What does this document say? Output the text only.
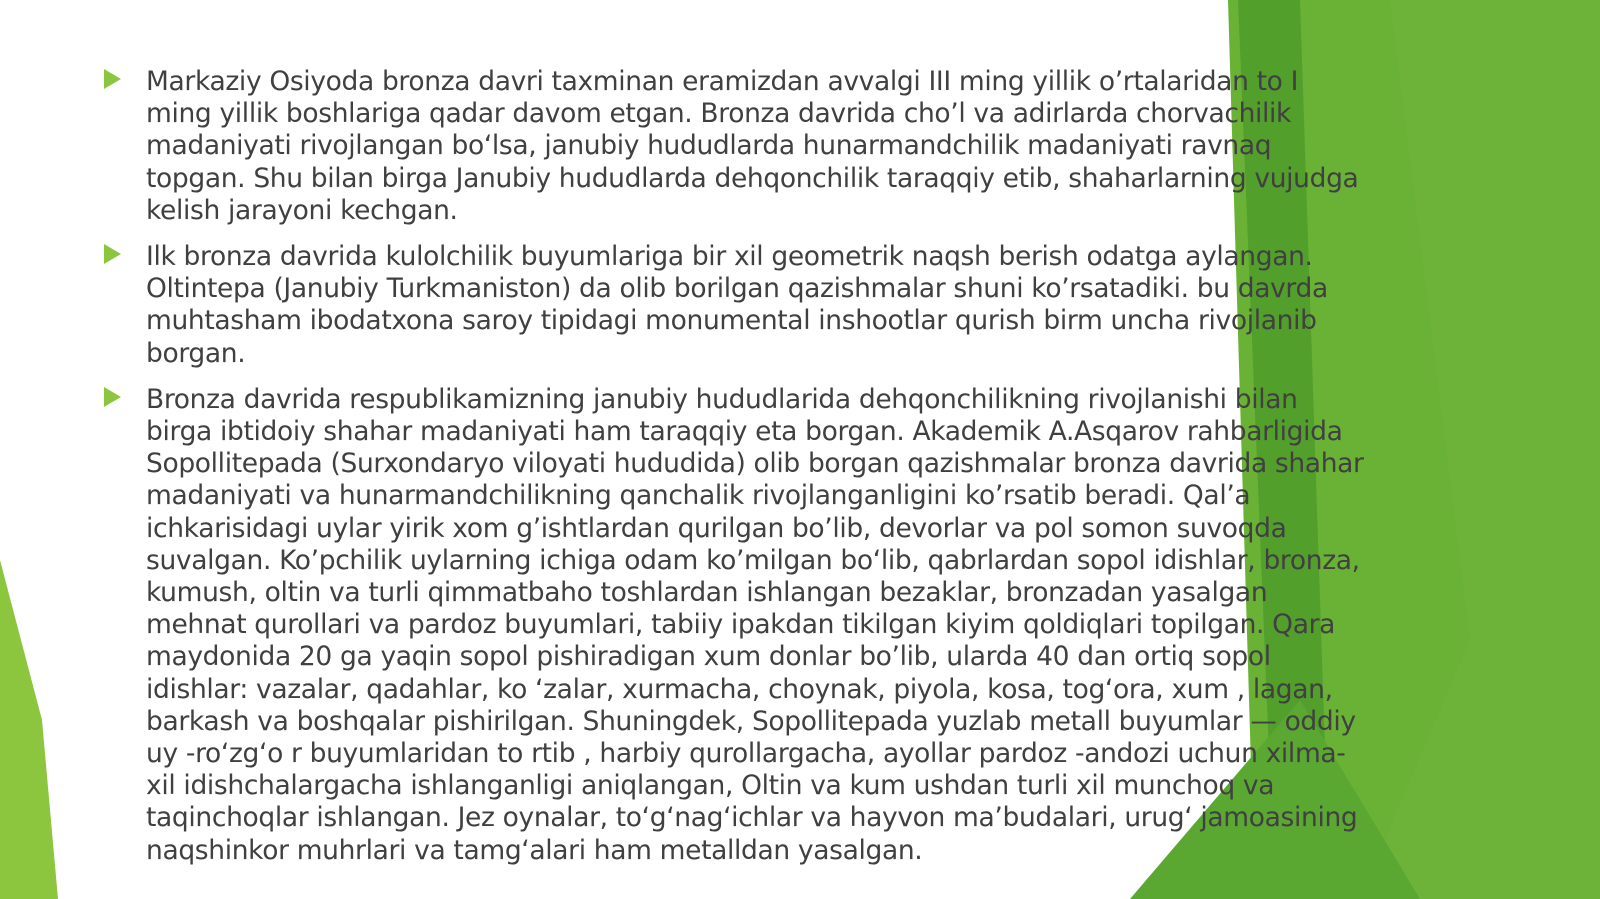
Markaziy Osiyoda bronza davri taxminan eramizdan avvalgi III ming yillik o’rtalaridan to I
ming yillik boshlariga qadar davom etgan. Bronza davrida cho’l va adirlarda chorvachilik
madaniyati rivojlangan bo‘lsa, janubiy hududlarda hunarmandchilik madaniyati ravnaq
topgan. Shu bilan birga Janubiy hududlarda dehqonchilik taraqqiy etib, shaharlarning vujudga
kelish jarayoni kechgan.

Ilk bronza davrida kulolchilik buyumlariga bir xil geometrik naqsh berish odatga aylangan.
Oltintepa (Janubiy Turkmaniston) da olib borilgan qazishmalar shuni ko’rsatadiki. bu davrda
muhtasham ibodatxona saroy tipidagi monumental inshootlar qurish birm uncha rivojlanib
borgan.

Bronza davrida respublikamizning janubiy hududlarida dehqonchilikning rivojlanishi bilan
birga ibtidoiy shahar madaniyati ham taraqqiy eta borgan. Akademik A.Asqarov rahbarligida
Sopollitepada (Surxondaryo viloyati hududida) olib borgan qazishmalar bronza davrida shahar
madaniyati va hunarmandchilikning qanchalik rivojlanganligini ko’rsatib beradi. Qal’a
ichkarisidagi uylar yirik xom g’ishtlardan qurilgan bo’lib, devorlar va pol somon suvoqda
suvalgan. Ko’pchilik uylarning ichiga odam ko’milgan bo‘lib, qabrlardan sopol idishlar, bronza,
kumush, oltin va turli qimmatbaho toshlardan ishlangan bezaklar, bronzadan yasalgan
mehnat qurollari va pardoz buyumlari, tabiiy ipakdan tikilgan kiyim qoldiqlari topilgan. Qara
maydonida 20 ga yaqin sopol pishiradigan xum donlar bo’lib, ularda 40 dan ortiq sopol
idishlar: vazalar, qadahlar, ko ‘zalar, xurmacha, choynak, piyola, kosa, tog‘ora, xum , lagan,
barkash va boshqalar pishirilgan. Shuningdek, Sopollitepada yuzlab metall buyumlar — oddiy
uy -ro‘zg‘o r buyumlaridan to rtib , harbiy qurollargacha, ayollar pardoz -andozi uchun xilma-
xil idishchalargacha ishlanganligi aniqlangan, Oltin va kum ushdan turli xil munchoq va
taqinchoqlar ishlangan. Jez oynalar, to‘g‘nag‘ichlar va hayvon ma’budalari, urug‘ jamoasining
naqshinkor muhrlari va tamg‘alari ham metalldan yasalgan.
